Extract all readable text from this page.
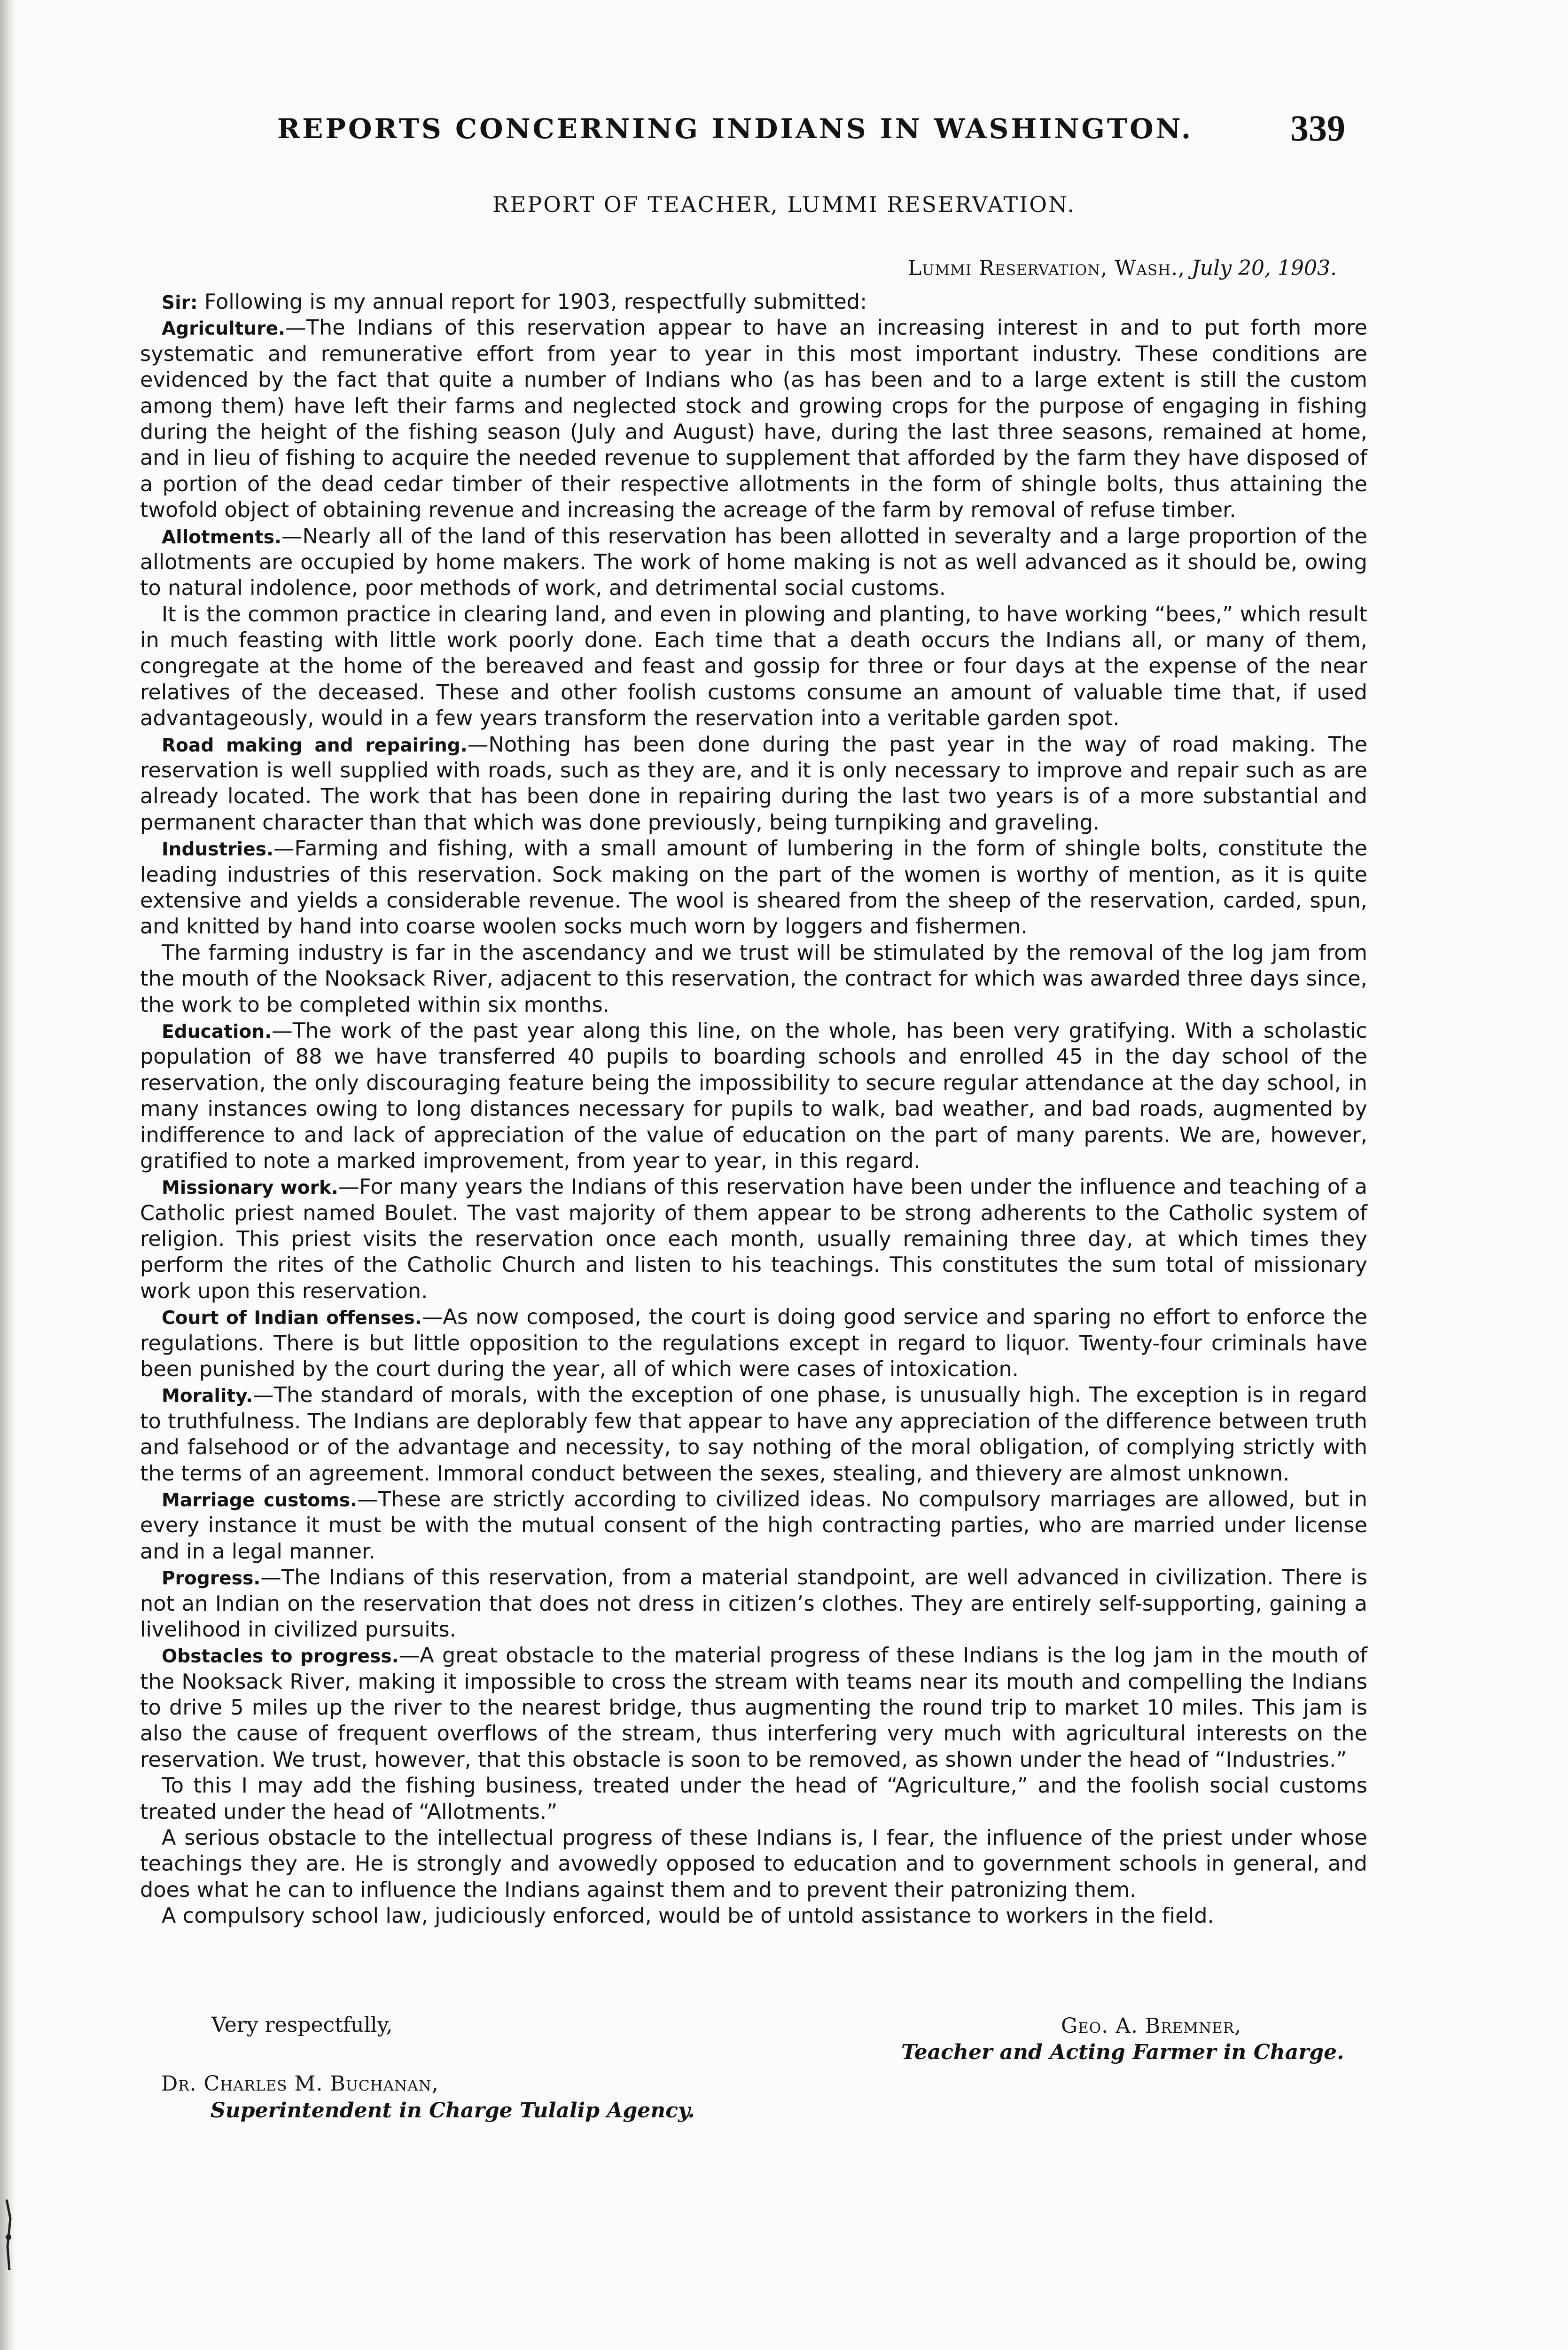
REPORTS CONCERNING INDIANS IN WASHINGTON.	339
REPORT OF TEACHER, LUMMI RESERVATION.
Lummi Reservation, Wash., July 20, 1903.

Sir: Following is my annual report for 1903, respectfully submitted:

Agriculture.—The Indians of this reservation appear to have an increasing interest in and to put forth more systematic and remunerative effort from year to year in this most important industry. These conditions are evidenced by the fact that quite a number of Indians who (as has been and to a large extent is still the custom among them) have left their farms and neglected stock and growing crops for the purpose of engaging in fishing during the height of the fishing season (July and August) have, during the last three seasons, remained at home, and in lieu of fishing to acquire the needed revenue to supplement that afforded by the farm they have disposed of a portion of the dead cedar timber of their respective allotments in the form of shingle bolts, thus attaining the twofold object of obtaining revenue and increasing the acreage of the farm by removal of refuse timber.

Allotments.—Nearly all of the land of this reservation has been allotted in severalty and a large proportion of the allotments are occupied by home makers. The work of home making is not as well advanced as it should be, owing to natural indolence, poor methods of work, and detrimental social customs.

It is the common practice in clearing land, and even in plowing and planting, to have working “bees,” which result in much feasting with little work poorly done. Each time that a death occurs the Indians all, or many of them, congregate at the home of the bereaved and feast and gossip for three or four days at the expense of the near relatives of the deceased. These and other foolish customs consume an amount of valuable time that, if used advantageously, would in a few years transform the reservation into a veritable garden spot.

Road making and repairing.—Nothing has been done during the past year in the way of road making. The reservation is well supplied with roads, such as they are, and it is only necessary to improve and repair such as are already located. The work that has been done in repairing during the last two years is of a more substantial and permanent character than that which was done previously, being turnpiking and graveling.

Industries.—Farming and fishing, with a small amount of lumbering in the form of shingle bolts, constitute the leading industries of this reservation. Sock making on the part of the women is worthy of mention, as it is quite extensive and yields a considerable revenue. The wool is sheared from the sheep of the reservation, carded, spun, and knitted by hand into coarse woolen socks much worn by loggers and fishermen.

The farming industry is far in the ascendancy and we trust will be stimulated by the removal of the log jam from the mouth of the Nooksack River, adjacent to this reservation, the contract for which was awarded three days since, the work to be completed within six months.

Education.—The work of the past year along this line, on the whole, has been very gratifying. With a scholastic population of 88 we have transferred 40 pupils to boarding schools and enrolled 45 in the day school of the reservation, the only discouraging feature being the impossibility to secure regular attendance at the day school, in many instances owing to long distances necessary for pupils to walk, bad weather, and bad roads, augmented by indifference to and lack of appreciation of the value of education on the part of many parents. We are, however, gratified to note a marked improvement, from year to year, in this regard.

Missionary work.—For many years the Indians of this reservation have been under the influence and teaching of a Catholic priest named Boulet. The vast majority of them appear to be strong adherents to the Catholic system of religion. This priest visits the reservation once each month, usually remaining three day, at which times they perform the rites of the Catholic Church and listen to his teachings. This constitutes the sum total of missionary work upon this reservation.

Court of Indian offenses.—As now composed, the court is doing good service and sparing no effort to enforce the regulations. There is but little opposition to the regulations except in regard to liquor. Twenty-four criminals have been punished by the court during the year, all of which were cases of intoxication.

Morality.—The standard of morals, with the exception of one phase, is unusually high. The exception is in regard to truthfulness. The Indians are deplorably few that appear to have any appreciation of the difference between truth and falsehood or of the advantage and necessity, to say nothing of the moral obligation, of complying strictly with the terms of an agreement. Immoral conduct between the sexes, stealing, and thievery are almost unknown.

Marriage customs.—These are strictly according to civilized ideas. No compulsory marriages are allowed, but in every instance it must be with the mutual consent of the high contracting parties, who are married under license and in a legal manner.

Progress.—The Indians of this reservation, from a material standpoint, are well advanced in civilization. There is not an Indian on the reservation that does not dress in citizen’s clothes. They are entirely self-supporting, gaining a livelihood in civilized pursuits.

Obstacles to progress.—A great obstacle to the material progress of these Indians is the log jam in the mouth of the Nooksack River, making it impossible to cross the stream with teams near its mouth and compelling the Indians to drive 5 miles up the river to the nearest bridge, thus augmenting the round trip to market 10 miles. This jam is also the cause of frequent overflows of the stream, thus interfering very much with agricultural interests on the reservation. We trust, however, that this obstacle is soon to be removed, as shown under the head of “Industries.”

To this I may add the fishing business, treated under the head of “Agriculture,” and the foolish social customs treated under the head of “Allotments.”

A serious obstacle to the intellectual progress of these Indians is, I fear, the influence of the priest under whose teachings they are. He is strongly and avowedly opposed to education and to government schools in general, and does what he can to influence the Indians against them and to prevent their patronizing them.

A compulsory school law, judiciously enforced, would be of untold assistance to workers in the field.

Very respectfully,	Geo. A. Bremner,
Teacher and Acting Farmer in Charge.
Dr. Charles M. Buchanan,
Superintendent in Charge Tulalip Agency.
